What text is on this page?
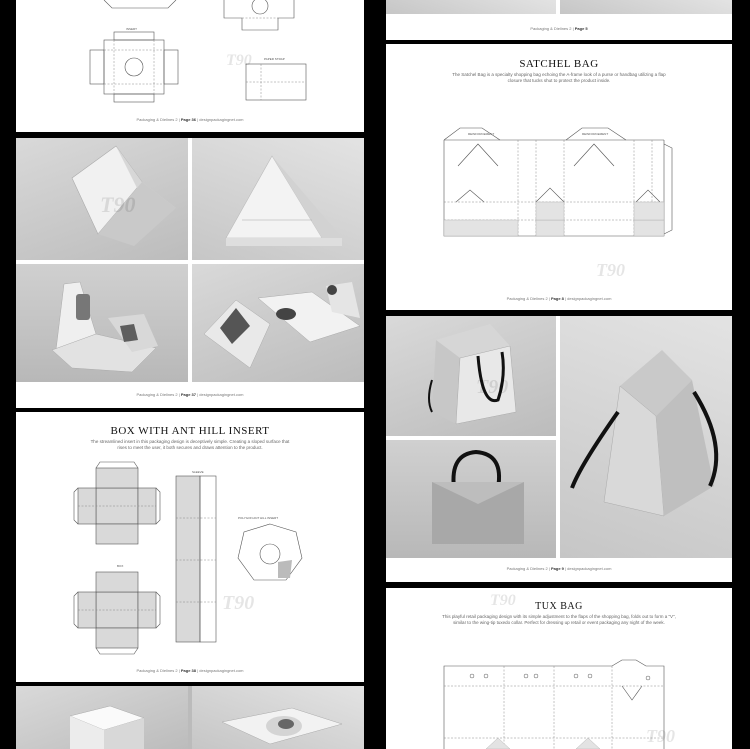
INSERT
PAPER STRAP
T90
Packaging & Dielines 2 | Page 36 | designpackagingnet.com
Packaging & Dielines 2 | Page 37 | designpackagingnet.com
BOX WITH ANT HILL INSERT
The streamlined insert in this packaging design is deceptively simple. Creating a sloped surface that rises to meet the user, it both secures and draws attention to the product.
BOX
SLEEVE
POLYGON ANT HILL INSERT
T90
Packaging & Dielines 2 | Page 38 | designpackagingnet.com
Packaging & Dielines 2 | Page 5
SATCHEL BAG
The Satchel Bag is a specialty shopping bag echoing the A-frame look of a purse or handbag utilizing a flap closure that tucks shut to protect the product inside.
REINFORCEMENT	REINFORCEMENT
T90
Packaging & Dielines 2 | Page 8 | designpackagingnet.com
Packaging & Dielines 2 | Page 9 | designpackagingnet.com
TUX BAG
This playful retail packaging design with its simple adjustment to the flaps of the shopping bag, folds out to form a "V", similar to the wing-tip tuxedo collar. Perfect for dressing up retail or event packaging any night of the week.
T90
T90
